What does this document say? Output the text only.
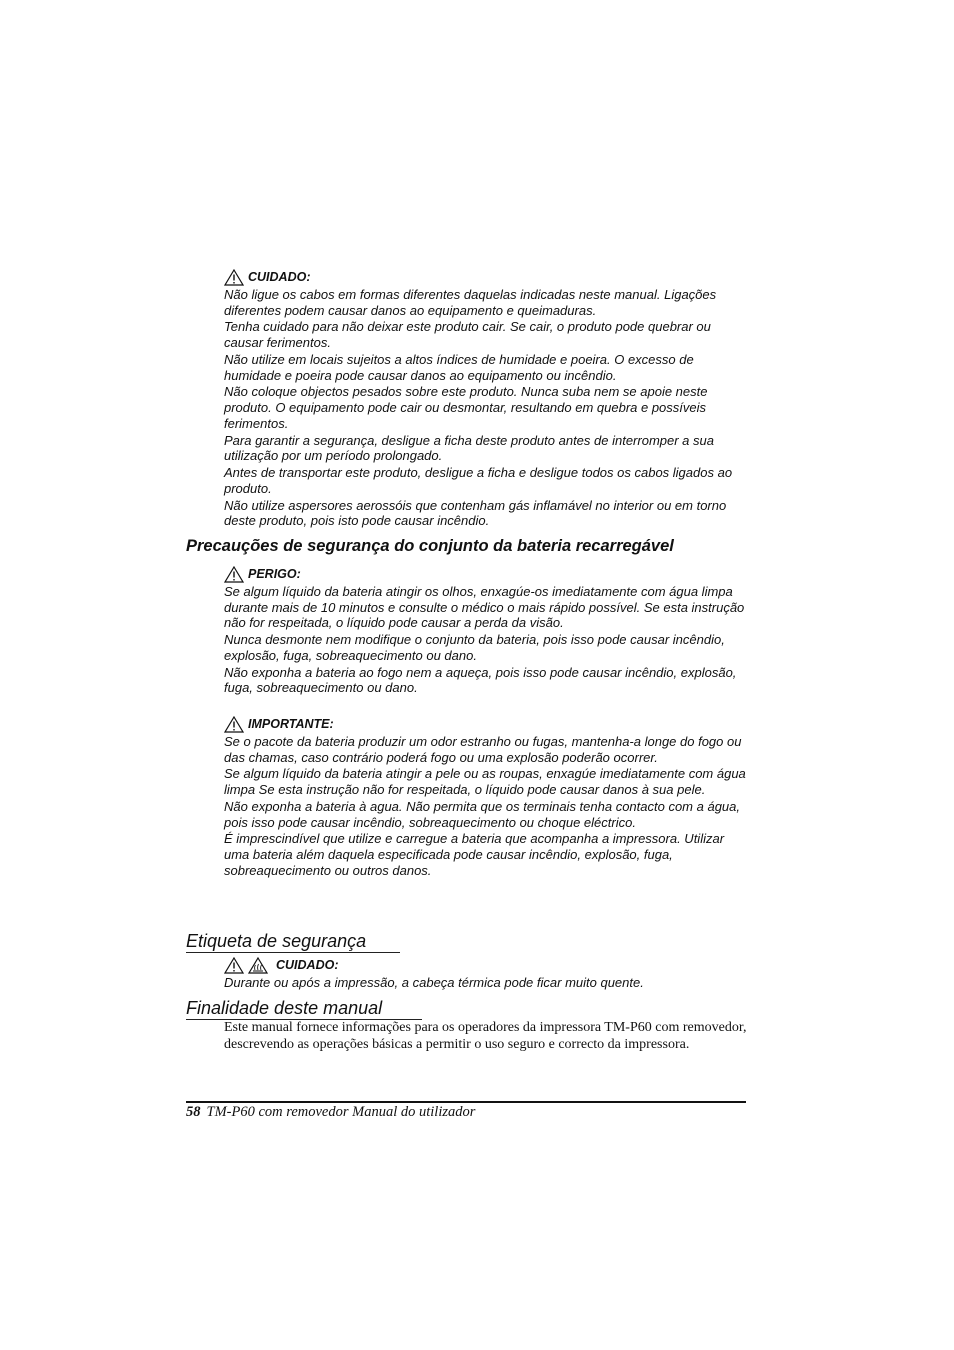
CUIDADO:

Não ligue os cabos em formas diferentes daquelas indicadas neste manual. Ligações diferentes podem causar danos ao equipamento e queimaduras.

Tenha cuidado para não deixar este produto cair. Se cair, o produto pode quebrar ou causar ferimentos.

Não utilize em locais sujeitos a altos índices de humidade e poeira. O excesso de humidade e poeira pode causar danos ao equipamento ou incêndio.

Não coloque objectos pesados sobre este produto. Nunca suba nem se apoie neste produto. O equipamento pode cair ou desmontar, resultando em quebra e possíveis ferimentos.

Para garantir a segurança, desligue a ficha deste produto antes de interromper a sua utilização por um período prolongado.

Antes de transportar este produto, desligue a ficha e desligue todos os cabos ligados ao produto.

Não utilize aspersores aerossóis que contenham gás inflamável no interior ou em torno deste produto, pois isto pode causar incêndio.

Precauções de segurança do conjunto da bateria recarregável
PERIGO:

Se algum líquido da bateria atingir os olhos, enxagúe-os imediatamente com água limpa durante mais de 10 minutos e consulte o médico o mais rápido possível. Se esta instrução não for respeitada, o líquido pode causar a perda da visão.

Nunca desmonte nem modifique o conjunto da bateria, pois isso pode causar incêndio, explosão, fuga, sobreaquecimento ou dano.

Não exponha a bateria ao fogo nem a aqueça, pois isso pode causar incêndio, explosão, fuga, sobreaquecimento ou dano.

IMPORTANTE:

Se o pacote da bateria produzir um odor estranho ou fugas, mantenha-a longe do fogo ou das chamas, caso contrário poderá fogo ou uma explosão poderão ocorrer.

Se algum líquido da bateria atingir a pele ou as roupas, enxagúe imediatamente com água limpa Se esta instrução não for respeitada, o líquido pode causar danos à sua pele.

Não exponha a bateria à agua. Não permita que os terminais tenha contacto com a água, pois isso pode causar incêndio, sobreaquecimento ou choque eléctrico.

É imprescindível que utilize e carregue a bateria que acompanha a impressora. Utilizar uma bateria além daquela especificada pode causar incêndio, explosão, fuga, sobreaquecimento ou outros danos.

Etiqueta de segurança
CUIDADO:

Durante ou após a impressão, a cabeça térmica pode ficar muito quente.

Finalidade deste manual

Este manual fornece informações para os operadores da impressora TM-P60 com removedor, descrevendo as operações básicas a permitir o uso seguro e correcto da impressora.

58 TM-P60 com removedor Manual do utilizador
